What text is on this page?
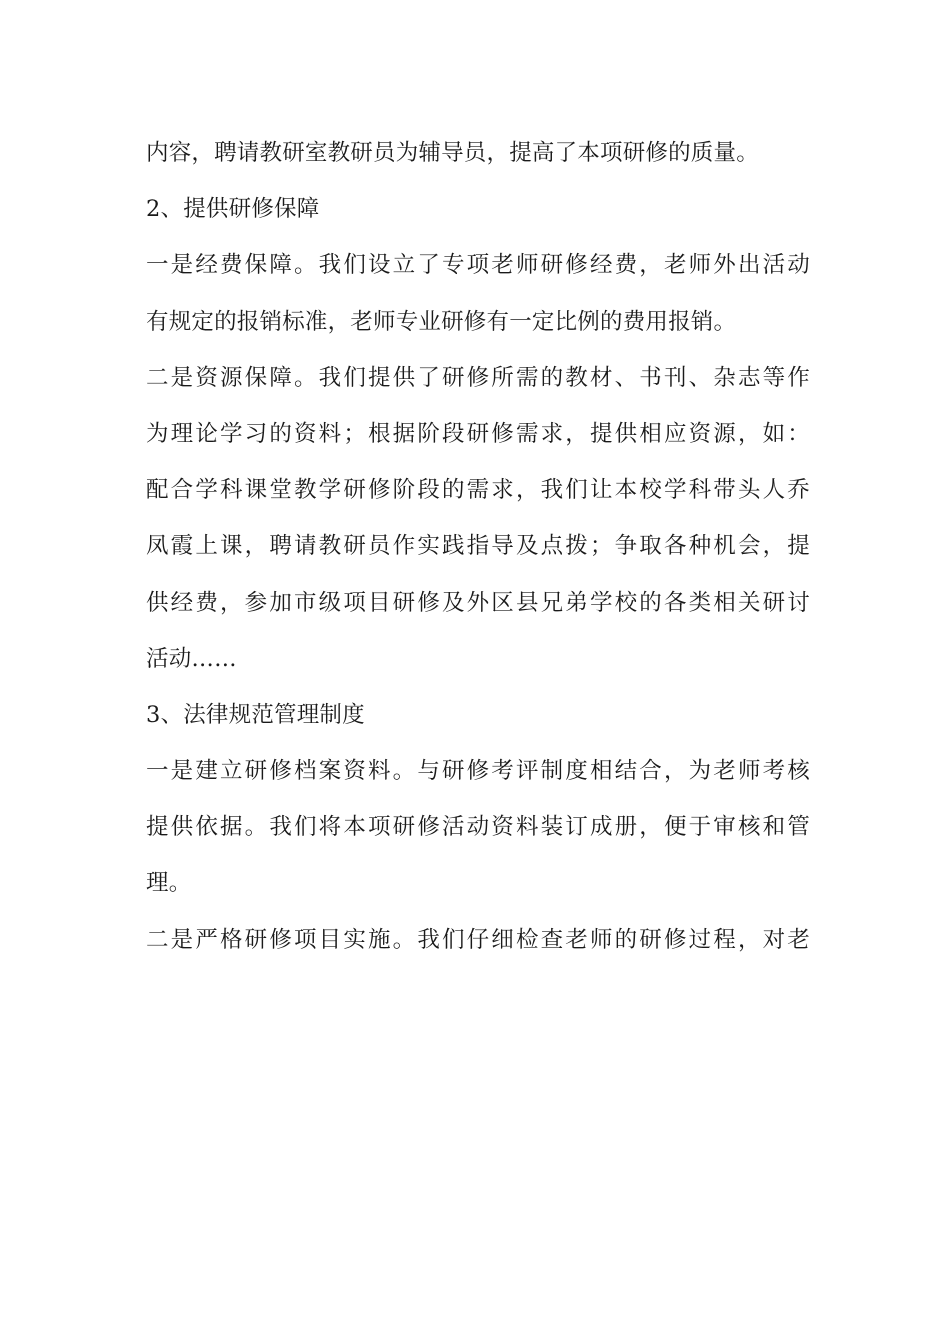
内容，聘请教研室教研员为辅导员，提高了本项研修的质量。
2、提供研修保障
一是经费保障。我们设立了专项老师研修经费，老师外出活动
有规定的报销标准，老师专业研修有一定比例的费用报销。
二是资源保障。我们提供了研修所需的教材、书刊、杂志等作
为理论学习的资料；根据阶段研修需求，提供相应资源，如：
配合学科课堂教学研修阶段的需求，我们让本校学科带头人乔
凤霞上课，聘请教研员作实践指导及点拨；争取各种机会，提
供经费，参加市级项目研修及外区县兄弟学校的各类相关研讨
活动……
3、法律规范管理制度
一是建立研修档案资料。与研修考评制度相结合，为老师考核
提供依据。我们将本项研修活动资料装订成册，便于审核和管
理。
二是严格研修项目实施。我们仔细检查老师的研修过程，对老
